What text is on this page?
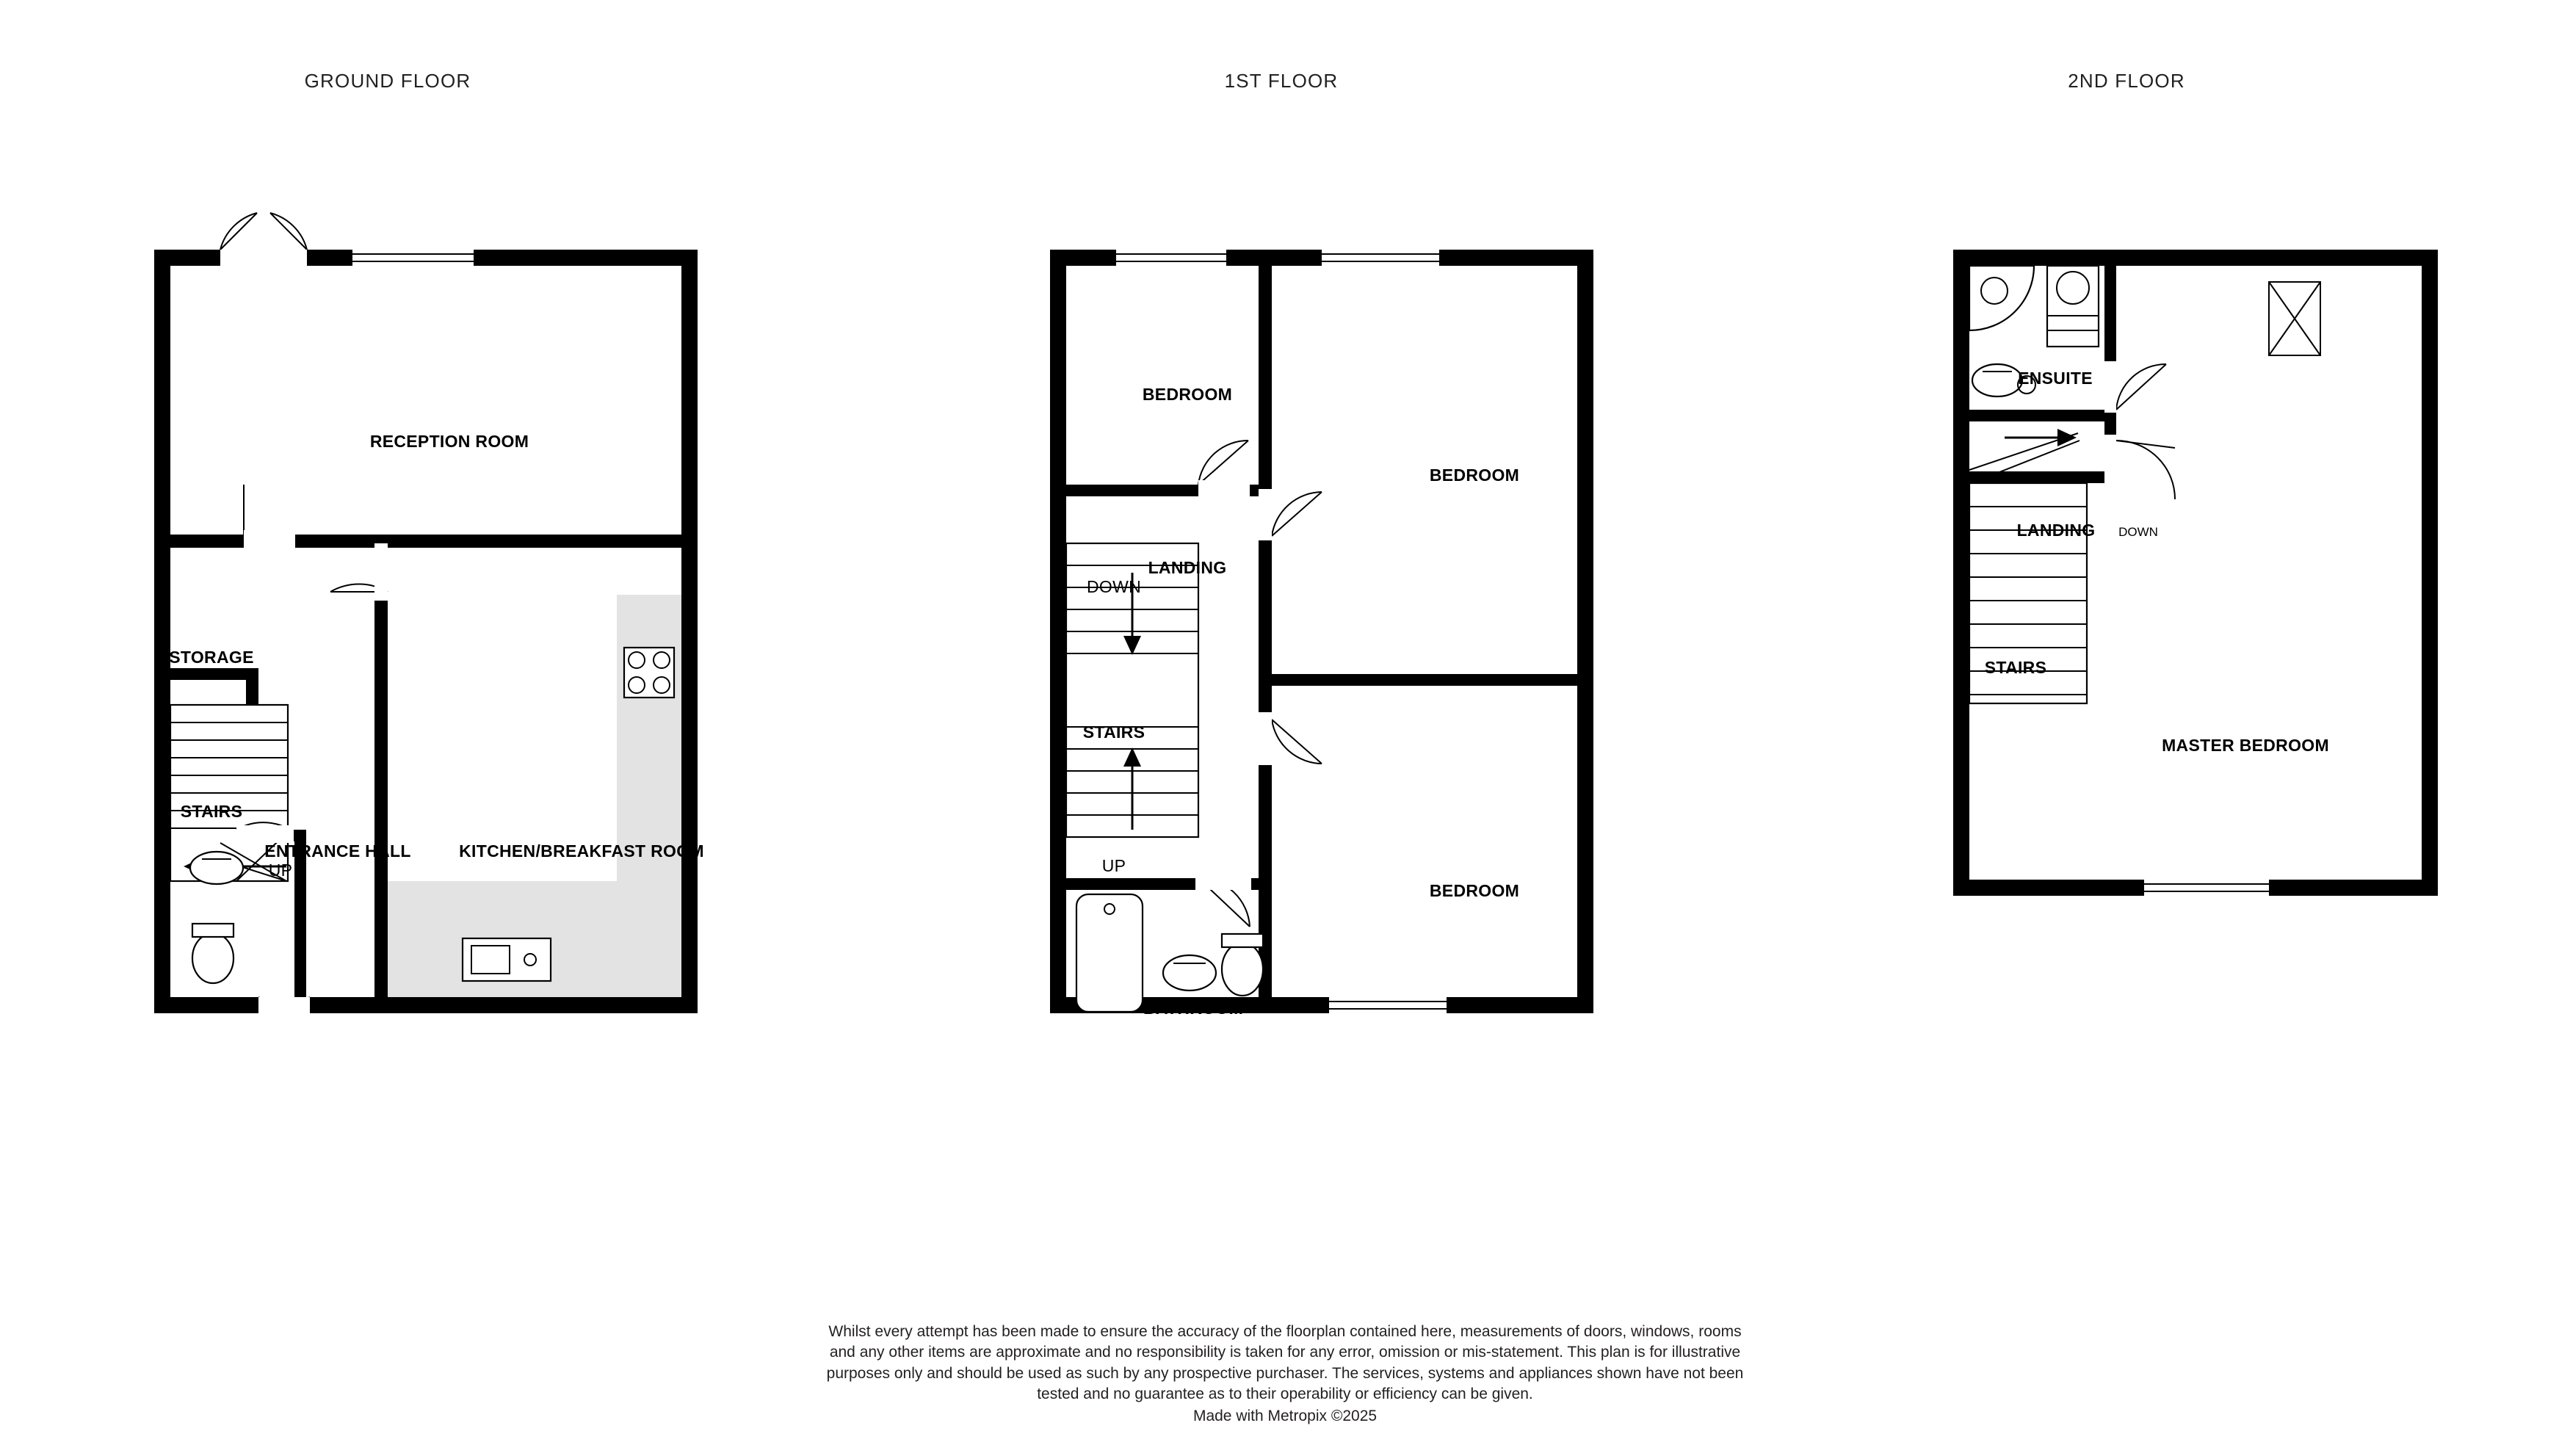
GROUND FLOOR	1ST FLOOR	2ND FLOOR
RECEPTION ROOM
STORAGE
STAIRS
ENTRANCE HALL	KITCHEN/BREAKFAST ROOM
UP
BEDROOM
BEDROOM
LANDING
DOWN
STAIRS
UP
BEDROOM
BATHROOM
ENSUITE
LANDING DOWN
STAIRS
MASTER BEDROOM
Whilst every attempt has been made to ensure the accuracy of the floorplan contained here, measurements of doors, windows, rooms and any other items are approximate and no responsibility is taken for any error, omission or mis-statement. This plan is for illustrative purposes only and should be used as such by any prospective purchaser. The services, systems and appliances shown have not been tested and no guarantee as to their operability or efficiency can be given.
Made with Metropix ©2025
